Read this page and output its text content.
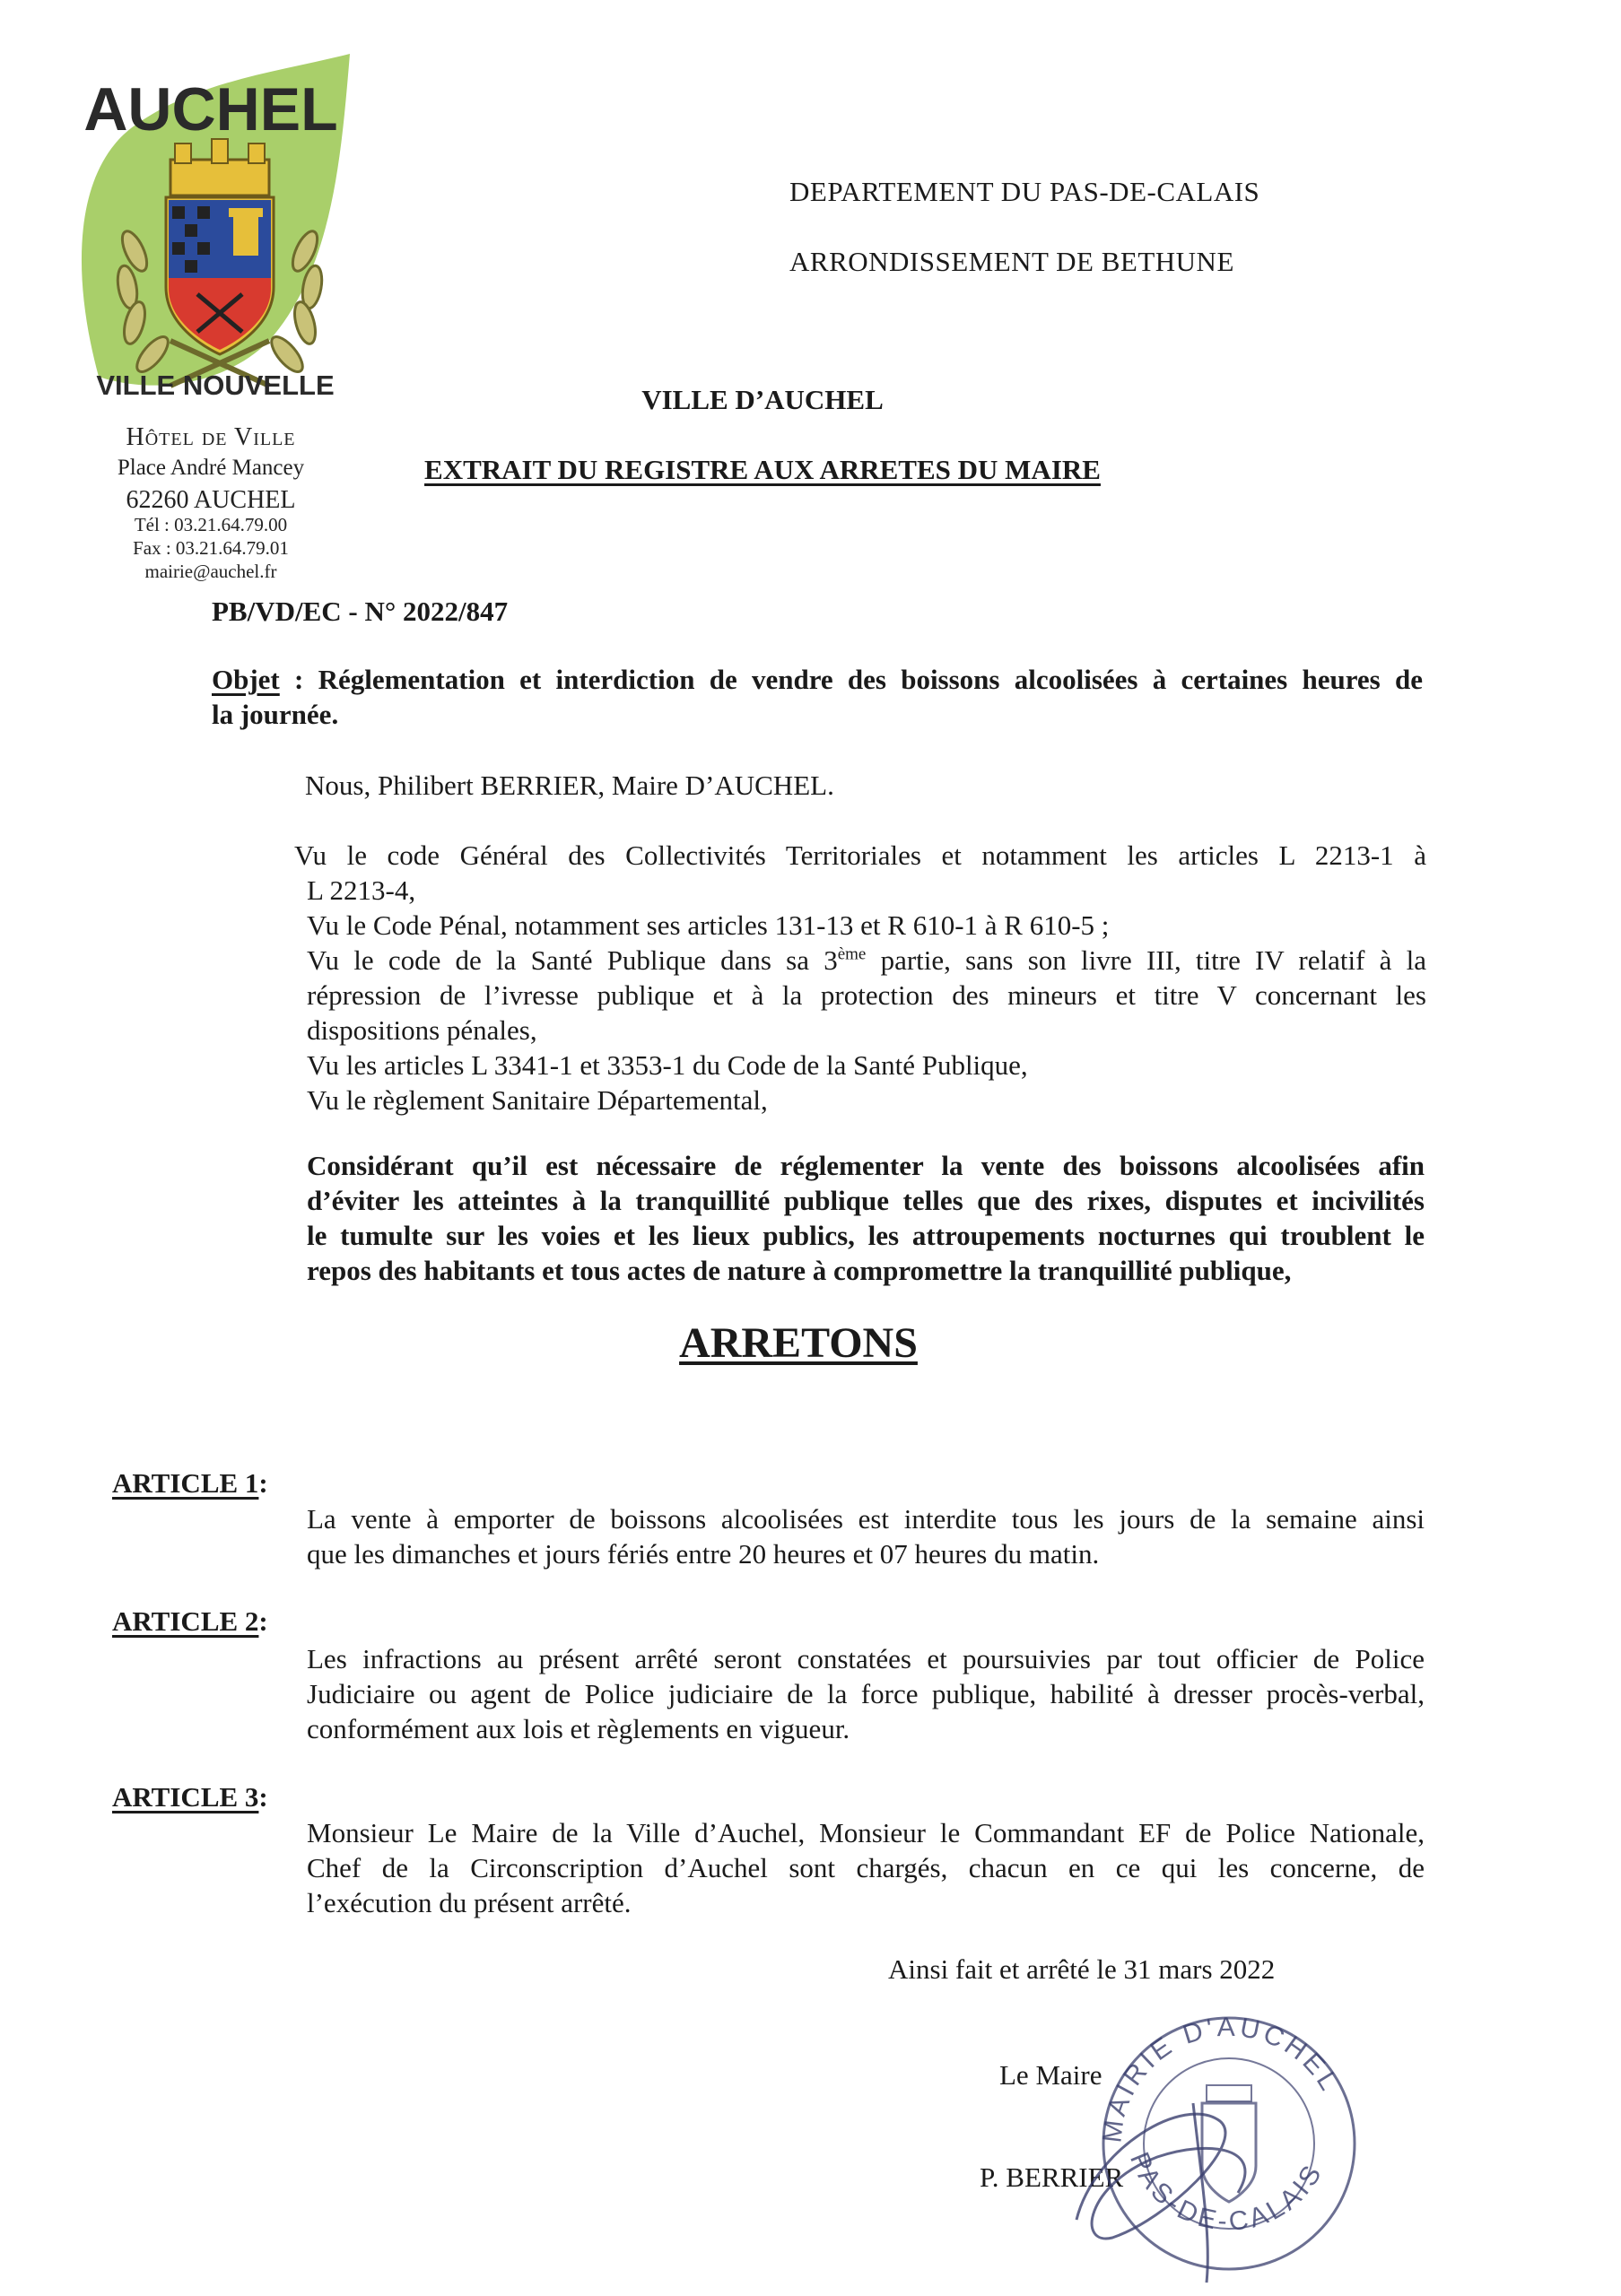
AUCHEL
VILLE NOUVELLE
Hôtel de Ville
Place André Mancey
62260 AUCHEL
Tél : 03.21.64.79.00
Fax : 03.21.64.79.01
mairie@auchel.fr
DEPARTEMENT DU PAS-DE-CALAIS
ARRONDISSEMENT DE BETHUNE
VILLE D’AUCHEL
EXTRAIT DU REGISTRE AUX ARRETES DU MAIRE
PB/VD/EC - N° 2022/847
Objet : Réglementation et interdiction de vendre des boissons alcoolisées à certaines heures de
la journée.
Nous, Philibert BERRIER, Maire D’AUCHEL.
Vu le code Général des Collectivités Territoriales et notamment les articles L 2213-1 à
L 2213-4,
Vu le Code Pénal, notamment ses articles 131-13 et R 610-1 à R 610-5 ;
Vu le code de la Santé Publique dans sa 3ème partie, sans son livre III, titre IV relatif à la
répression de l’ivresse publique et à la protection des mineurs et titre V concernant les
dispositions pénales,
Vu les articles L 3341-1 et 3353-1 du Code de la Santé Publique,
Vu le règlement Sanitaire Départemental,
Considérant qu’il est nécessaire de réglementer la vente des boissons alcoolisées afin
d’éviter les atteintes à la tranquillité publique telles que des rixes, disputes et incivilités
le tumulte sur les voies et les lieux publics, les attroupements nocturnes qui troublent le
repos des habitants et tous actes de nature à compromettre la tranquillité publique,
ARRETONS
ARTICLE 1:
La vente à emporter de boissons alcoolisées est interdite tous les jours de la semaine ainsi
que les dimanches et jours fériés entre 20 heures et 07 heures du matin.
ARTICLE 2:
Les infractions au présent arrêté seront constatées et poursuivies par tout officier de Police
Judiciaire ou agent de Police judiciaire de la force publique, habilité à dresser procès-verbal,
conformément aux lois et règlements en vigueur.
ARTICLE 3:
Monsieur Le Maire de la Ville d’Auchel, Monsieur le Commandant EF de Police Nationale,
Chef de la Circonscription d’Auchel sont chargés, chacun en ce qui les concerne, de
l’exécution du présent arrêté.
Ainsi fait et arrêté le 31 mars 2022
Le Maire
P. BERRIER
MAIRIE D'AUCHEL
PAS-DE-CALAIS
